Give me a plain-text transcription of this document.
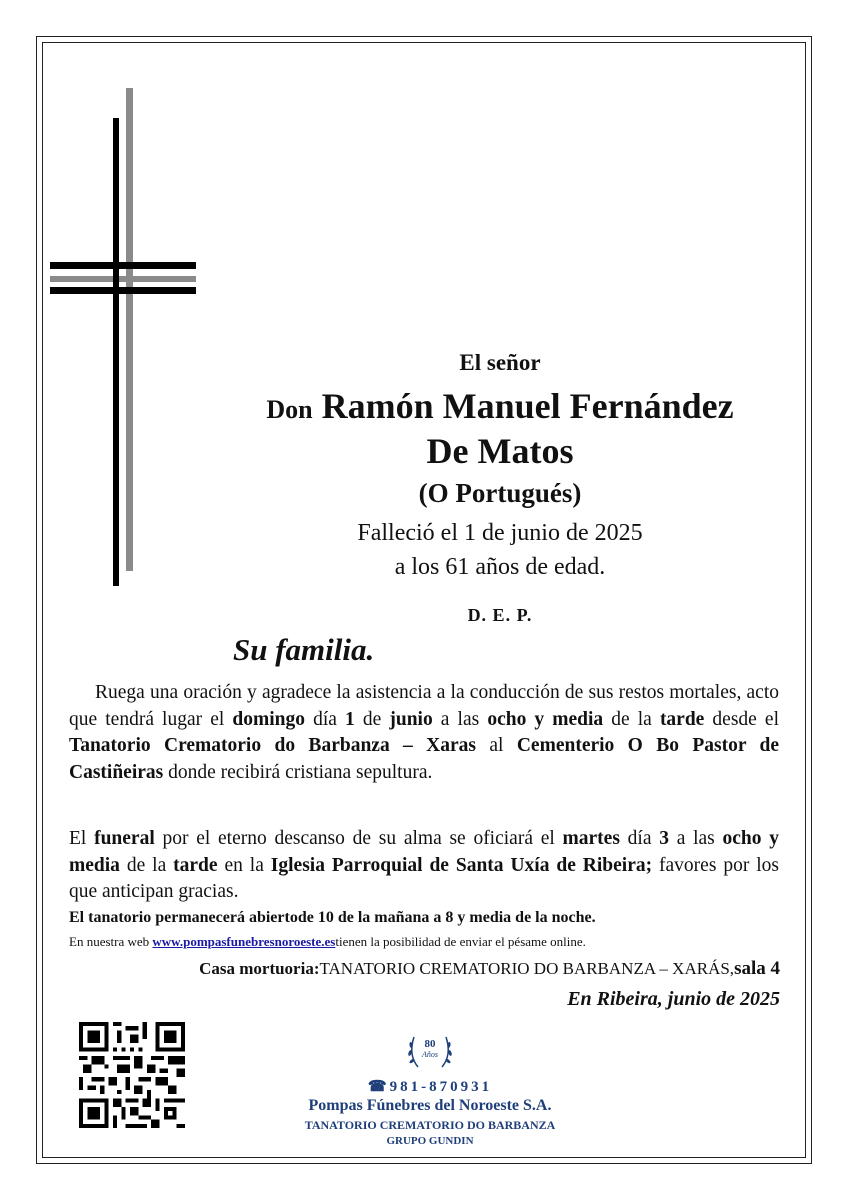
El señor
Don Ramón Manuel Fernández
De Matos
(O Portugués)
Falleció el 1 de junio de 2025
a los 61 años de edad.
D. E. P.
Su familia.
Ruega una oración y agradece la asistencia a la conducción de sus restos mortales, acto que tendrá lugar el domingo día 1 de junio a las ocho y media de la tarde desde el Tanatorio Crematorio do Barbanza – Xaras al Cementerio O Bo Pastor de Castiñeiras donde recibirá cristiana sepultura.
El funeral por el eterno descanso de su alma se oficiará el martes día 3 a las ocho y media de la tarde en la Iglesia Parroquial de Santa Uxía de Ribeira; favores por los que anticipan gracias.
El tanatorio permanecerá abiertode 10 de la mañana a 8 y media de la noche.
En nuestra web www.pompasfunebresnoroeste.estienen la posibilidad de enviar el pésame online.
Casa mortuoria:TANATORIO CREMATORIO DO BARBANZA – XARÁS,sala 4
En Ribeira, junio de 2025
80
Años
☎981-870931
Pompas Fúnebres del Noroeste S.A.
TANATORIO CREMATORIO DO BARBANZA
GRUPO GUNDIN
